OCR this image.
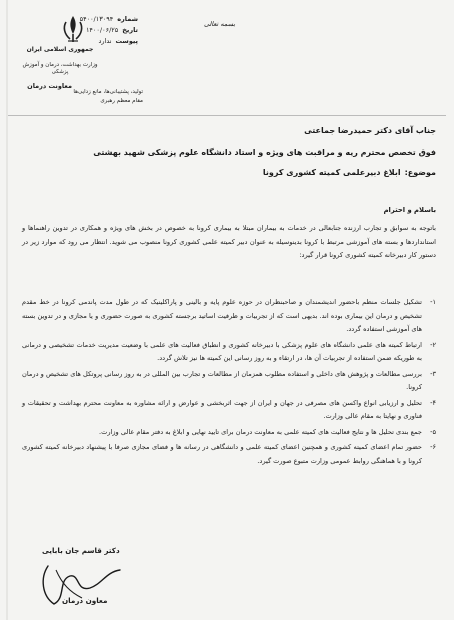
جمهوری اسلامی ایران
وزارت بهداشت، درمان و آموزش پزشکی
معاونت درمان
بسمه تعالی
شماره
۵۴۰۰/۱۳۰۹۴
تاریخ
۱۴۰۰/۰۶/۲۵
پیوست
ندارد
تولید، پشتیبانی‌ها، مانع زدایی‌ها
مقام معظم رهبری
جناب آقای دکتر حمیدرضا جماعتی
فوق تخصص محترم ریه و مراقبت های ویژه و استاد دانشگاه علوم پزشکی شهید بهشتی
موضوع:
ابلاغ دبیرعلمی کمیته کشوری کرونا
باسلام و احترام
باتوجه به سوابق و تجارب ارزنده جنابعالی در خدمات به بیماران مبتلا به بیماری کرونا به خصوص در بخش های ویژه و همکاری در تدوین راهنماها و استانداردها و بسته های آموزشی مرتبط با کرونا بدینوسیله به عنوان دبیر کمیته علمی کشوری کرونا منصوب می شوید. انتظار می رود که موارد زیر در دستور کار دبیرخانه کمیته کشوری کرونا قرار گیرد:
۱-
تشکیل جلسات منظم باحضور اندیشمندان و صاحبنظران در حوزه علوم پایه و بالینی و پاراکلینیک که در طول مدت پاندمی کرونا در خط مقدم تشخیص و درمان این بیماری بوده اند. بدیهی است که از تجربیات و ظرفیت اساتید برجسته کشوری به صورت حضوری و یا مجازی و در تدوین بسته های آموزشی استفاده گردد.
۲-
ارتباط کمیته های علمی دانشگاه های علوم پزشکی با دبیرخانه کشوری و انطباق فعالیت های علمی با وضعیت مدیریت خدمات تشخیصی و درمانی به طوریکه ضمن استفاده از تجربیات آن ها، در ارتقاء و به روز رسانی این کمیته ها نیز تلاش گردد.
۳-
بررسی مطالعات و پژوهش های داخلی و استفاده مطلوب همزمان از مطالعات و تجارب بین المللی در به روز رسانی پروتکل های تشخیص و درمان کرونا.
۴-
تحلیل و ارزیابی انواع واکسن های مصرفی در جهان و ایران از جهت اثربخشی و عوارض و ارائه مشاوره به معاونت محترم بهداشت و تحقیقات و فناوری و نهایتا به مقام عالی وزارت.
۵-
جمع بندی تحلیل ها و نتایج فعالیت های کمیته علمی به معاونت درمان برای تایید نهایی و ابلاغ به دفتر مقام عالی وزارت.
۶-
حضور تمام اعضای کمیته کشوری و همچنین اعضای کمیته علمی و دانشگاهی در رسانه ها و فضای مجازی صرفا با پیشنهاد دبیرخانه کمیته کشوری کرونا و با هماهنگی روابط عمومی وزارت متبوع صورت گیرد.
دکتر قاسم جان بابایی
معاون درمان
